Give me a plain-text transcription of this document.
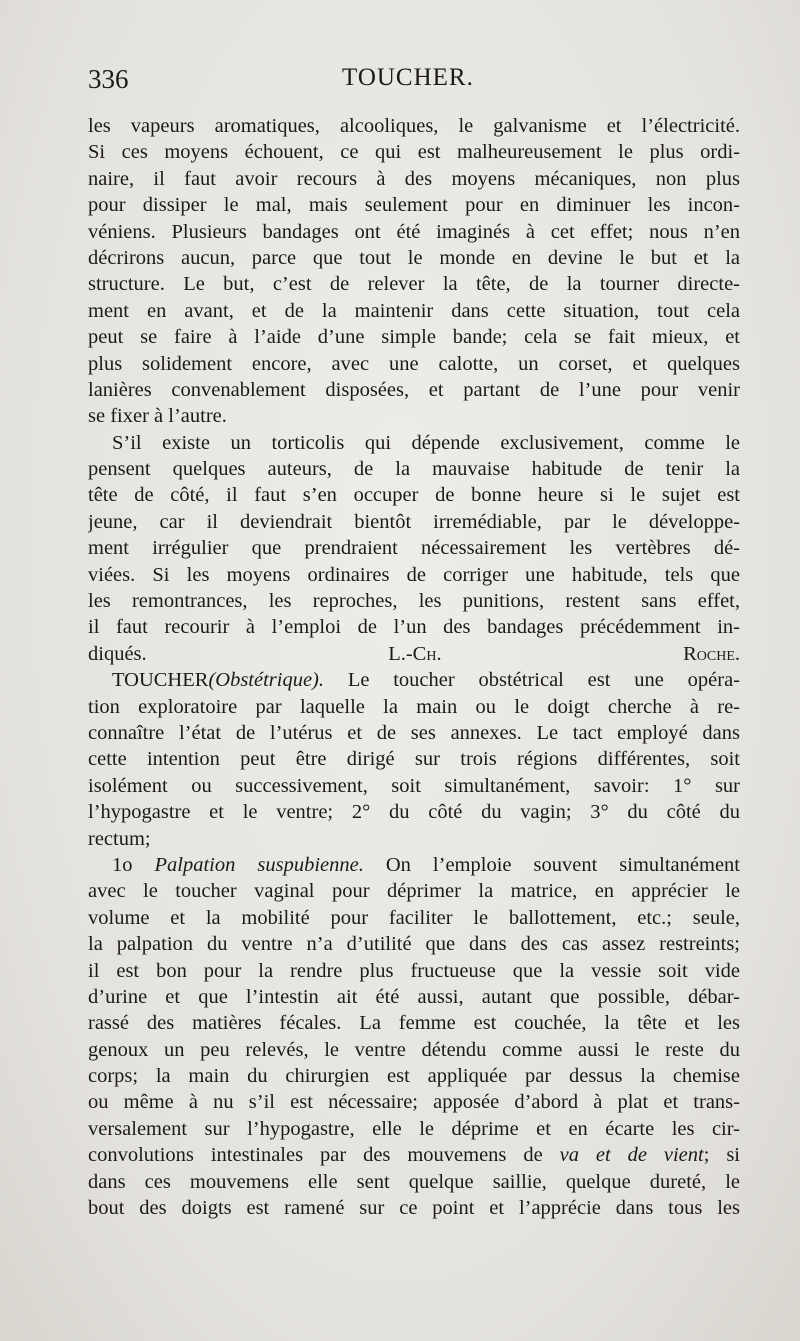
336	TOUCHER.
les vapeurs aromatiques, alcooliques, le galvanisme et l’électricité.
Si ces moyens échouent, ce qui est malheureusement le plus ordi-
naire, il faut avoir recours à des moyens mécaniques, non plus
pour dissiper le mal, mais seulement pour en diminuer les incon-
véniens. Plusieurs bandages ont été imaginés à cet effet; nous n’en
décrirons aucun, parce que tout le monde en devine le but et la
structure. Le but, c’est de relever la tête, de la tourner directe-
ment en avant, et de la maintenir dans cette situation, tout cela
peut se faire à l’aide d’une simple bande; cela se fait mieux, et
plus solidement encore, avec une calotte, un corset, et quelques
lanières convenablement disposées, et partant de l’une pour venir
se fixer à l’autre.
S’il existe un torticolis qui dépende exclusivement, comme le
pensent quelques auteurs, de la mauvaise habitude de tenir la
tête de côté, il faut s’en occuper de bonne heure si le sujet est
jeune, car il deviendrait bientôt irremédiable, par le développe-
ment irrégulier que prendraient nécessairement les vertèbres dé-
viées. Si les moyens ordinaires de corriger une habitude, tels que
les remontrances, les reproches, les punitions, restent sans effet,
il faut recourir à l’emploi de l’un des bandages précédemment in-
diqués.	L.-Ch. Roche.
TOUCHER(Obstétrique). Le toucher obstétrical est une opéra-
tion exploratoire par laquelle la main ou le doigt cherche à re-
connaître l’état de l’utérus et de ses annexes. Le tact employé dans
cette intention peut être dirigé sur trois régions différentes, soit
isolément ou successivement, soit simultanément, savoir: 1° sur
l’hypogastre et le ventre; 2° du côté du vagin; 3° du côté du
rectum;
1o Palpation suspubienne. On l’emploie souvent simultanément
avec le toucher vaginal pour déprimer la matrice, en apprécier le
volume et la mobilité pour faciliter le ballottement, etc.; seule,
la palpation du ventre n’a d’utilité que dans des cas assez restreints;
il est bon pour la rendre plus fructueuse que la vessie soit vide
d’urine et que l’intestin ait été aussi, autant que possible, débar-
rassé des matières fécales. La femme est couchée, la tête et les
genoux un peu relevés, le ventre détendu comme aussi le reste du
corps; la main du chirurgien est appliquée par dessus la chemise
ou même à nu s’il est nécessaire; apposée d’abord à plat et trans-
versalement sur l’hypogastre, elle le déprime et en écarte les cir-
convolutions intestinales par des mouvemens de va et de vient; si
dans ces mouvemens elle sent quelque saillie, quelque dureté, le
bout des doigts est ramené sur ce point et l’apprécie dans tous les
